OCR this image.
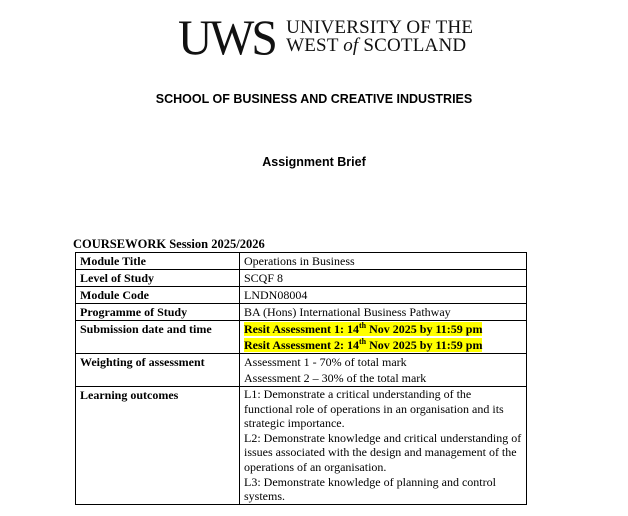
UWS UNIVERSITY OF THE
WEST of SCOTLAND
SCHOOL OF BUSINESS AND CREATIVE INDUSTRIES
Assignment Brief
COURSEWORK Session 2025/2026
Module Title	Operations in Business
Level of Study	SCQF 8
Module Code	LNDN08004
Programme of Study	BA (Hons) International Business Pathway
Submission date and time	Resit Assessment 1: 14th Nov 2025 by 11:59 pm
Resit Assessment 2: 14th Nov 2025 by 11:59 pm

Weighting of assessment	Assessment 1 - 70% of total mark
Assessment 2 – 30% of the total mark

Learning outcomes	L1: Demonstrate a critical understanding of the functional role of operations in an organisation and its strategic importance.
L2: Demonstrate knowledge and critical understanding of issues associated with the design and management of the operations of an organisation.
L3: Demonstrate knowledge of planning and control systems.
